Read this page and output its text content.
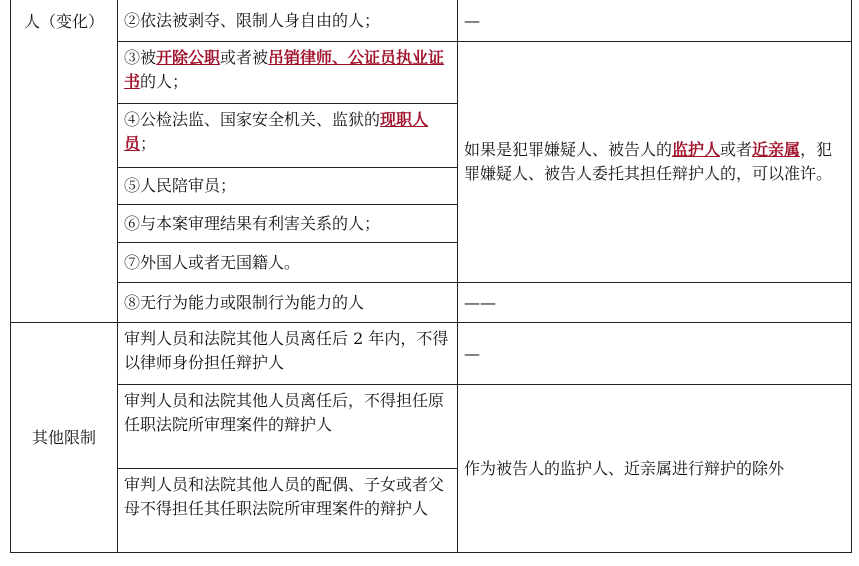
人（变化）	②依法被剥夺、限制人身自由的人；	—
	③被开除公职或者被吊销律师、公证员执业证书的人；	如果是犯罪嫌疑人、被告人的监护人或者近亲属，犯罪嫌疑人、被告人委托其担任辩护人的，可以准许。
	④公检法监、国家安全机关、监狱的现职人员；	
	⑤人民陪审员；	
	⑥与本案审理结果有利害关系的人；	
	⑦外国人或者无国籍人。	
	⑧无行为能力或限制行为能力的人	——
其他限制	审判人员和法院其他人员离任后 2 年内，不得以律师身份担任辩护人	—
	审判人员和法院其他人员离任后，不得担任原任职法院所审理案件的辩护人	作为被告人的监护人、近亲属进行辩护的除外
	审判人员和法院其他人员的配偶、子女或者父母不得担任其任职法院所审理案件的辩护人	
